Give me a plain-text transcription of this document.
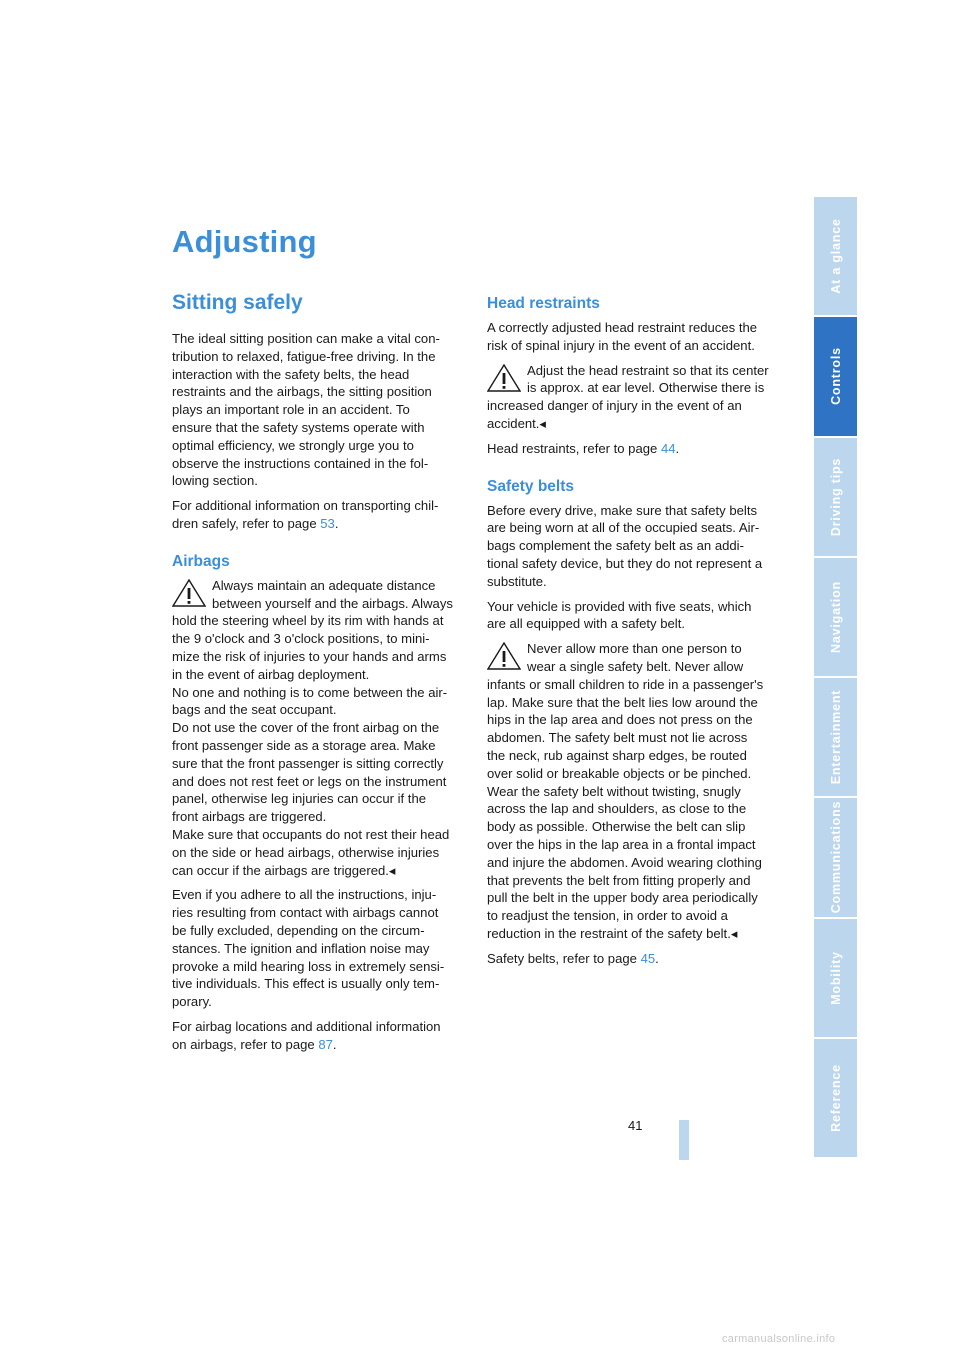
Adjusting
Sitting safely

The ideal sitting position can make a vital con-
tribution to relaxed, fatigue-free driving. In the
interaction with the safety belts, the head
restraints and the airbags, the sitting position
plays an important role in an accident. To
ensure that the safety systems operate with
optimal efficiency, we strongly urge you to
observe the instructions contained in the fol-
lowing section.

For additional information on transporting chil-
dren safely, refer to page 53.

Airbags
Always maintain an adequate distance
between yourself and the airbags. Always
hold the steering wheel by its rim with hands at
the 9 o'clock and 3 o'clock positions, to mini-
mize the risk of injuries to your hands and arms
in the event of airbag deployment.
No one and nothing is to come between the air-
bags and the seat occupant.
Do not use the cover of the front airbag on the
front passenger side as a storage area. Make
sure that the front passenger is sitting correctly
and does not rest feet or legs on the instrument
panel, otherwise leg injuries can occur if the
front airbags are triggered.
Make sure that occupants do not rest their head
on the side or head airbags, otherwise injuries
can occur if the airbags are triggered.◂

Even if you adhere to all the instructions, inju-
ries resulting from contact with airbags cannot
be fully excluded, depending on the circum-
stances. The ignition and inflation noise may
provoke a mild hearing loss in extremely sensi-
tive individuals. This effect is usually only tem-
porary.

For airbag locations and additional information
on airbags, refer to page 87.

Head restraints

A correctly adjusted head restraint reduces the
risk of spinal injury in the event of an accident.

Adjust the head restraint so that its center
is approx. at ear level. Otherwise there is
increased danger of injury in the event of an
accident.◂

Head restraints, refer to page 44.

Safety belts

Before every drive, make sure that safety belts
are being worn at all of the occupied seats. Air-
bags complement the safety belt as an addi-
tional safety device, but they do not represent a
substitute.

Your vehicle is provided with five seats, which
are all equipped with a safety belt.

Never allow more than one person to
wear a single safety belt. Never allow
infants or small children to ride in a passenger's
lap. Make sure that the belt lies low around the
hips in the lap area and does not press on the
abdomen. The safety belt must not lie across
the neck, rub against sharp edges, be routed
over solid or breakable objects or be pinched.
Wear the safety belt without twisting, snugly
across the lap and shoulders, as close to the
body as possible. Otherwise the belt can slip
over the hips in the lap area in a frontal impact
and injure the abdomen. Avoid wearing clothing
that prevents the belt from fitting properly and
pull the belt in the upper body area periodically
to readjust the tension, in order to avoid a
reduction in the restraint of the safety belt.◂

Safety belts, refer to page 45.

At a glance
Controls
Driving tips
Navigation
Entertainment
Communications
Mobility
Reference
41
carmanualsonline.info
